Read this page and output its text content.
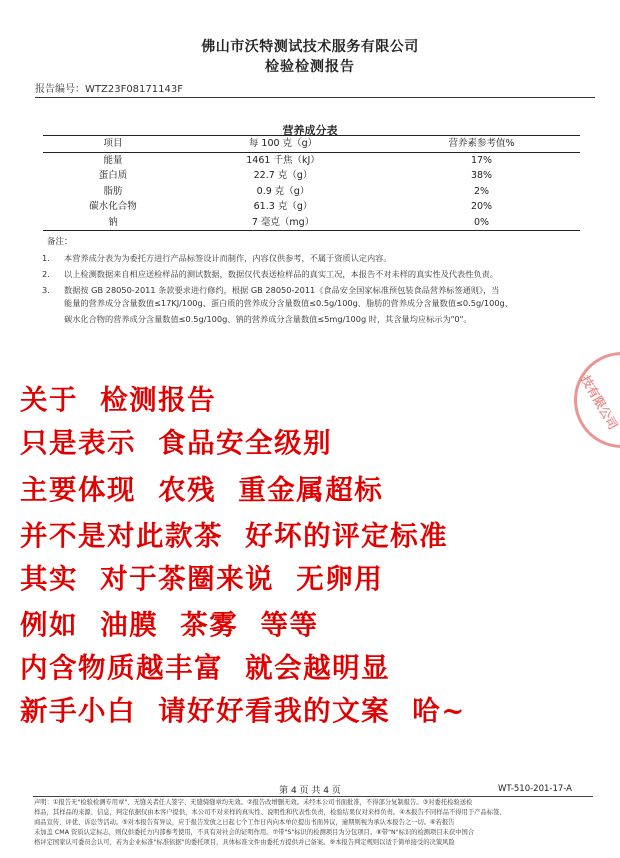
佛山市沃特测试技术服务有限公司
检验检测报告
报告编号：WTZ23F08171143F
营养成分表
项目	每 100 克（g）	营养素参考值%
能量	1461 千焦（kJ）	17%
蛋白质	22.7 克（g）	38%
脂肪	0.9 克（g）	2%
碳水化合物	61.3 克（g）	20%
钠	7 毫克（mg）	0%
备注：
1. 本营养成分表为为委托方进行产品标签设计而制作，内容仅供参考，不属于资质认定内容。
2. 以上检测数据来自相应送检样品的测试数据，数据仅代表送检样品的真实工况，本报告不对未样的真实性及代表性负责。
3. 数据按 GB 28050-2011 条款要求进行修约，根据 GB 28050-2011《食品安全国家标准预包装食品营养标签通则》，当
能量的营养成分含量数值≤17KJ/100g、蛋白质的营养成分含量数值≤0.5g/100g、脂肪的营养成分含量数值≤0.5g/100g、
碳水化合物的营养成分含量数值≤0.5g/100g、钠的营养成分含量数值≤5mg/100g 时，其含量均应标示为"0"。
技有限公司
关于  检测报告
只是表示  食品安全级别
主要体现  农残  重金属超标
并不是对此款茶  好坏的评定标准
其实  对于茶圈来说  无卵用
例如  油膜  茶雾  等等
内含物质越丰富  就会越明显
新手小白  请好好看我的文案  哈~
第 4 页 共 4 页	WT-510-201-17-A
声明：①报告无"检验检测专用章"、无缝关者任人签字、无缝骑缝章均无效。②报告改增删无效。未经本公司书面批准，不得部分复制报告。③对委托检验送检
样品，其样品的来源、信息，判定依据仅由本客户提供，本公司不对来样的真实性、说明性和代表性负责，检验结果仅对来样负责。④本报告不同样品不得用于产品标签、
商品宣传、评优、诉讼等活动。⑤对本报告有异议，应于报告发放之日起七个工作日内向本单位提出书面异议，逾期则视为承认本报告之一切。⑥若报告
未加盖 CMA 资质认定标志，则仅供委托方内部参考使用，不具有对社会的证明作用。⑦带"S"标识的检测项目为分包项目。⑧带"N"标识的检测项目未获中国合
格评定国家认可委员会认可，若为企业标准"标准依据"的委托项目，具体标准文件由委托方提供并已备案。⑨本报告判定规则以适于简单接受的决策风险
